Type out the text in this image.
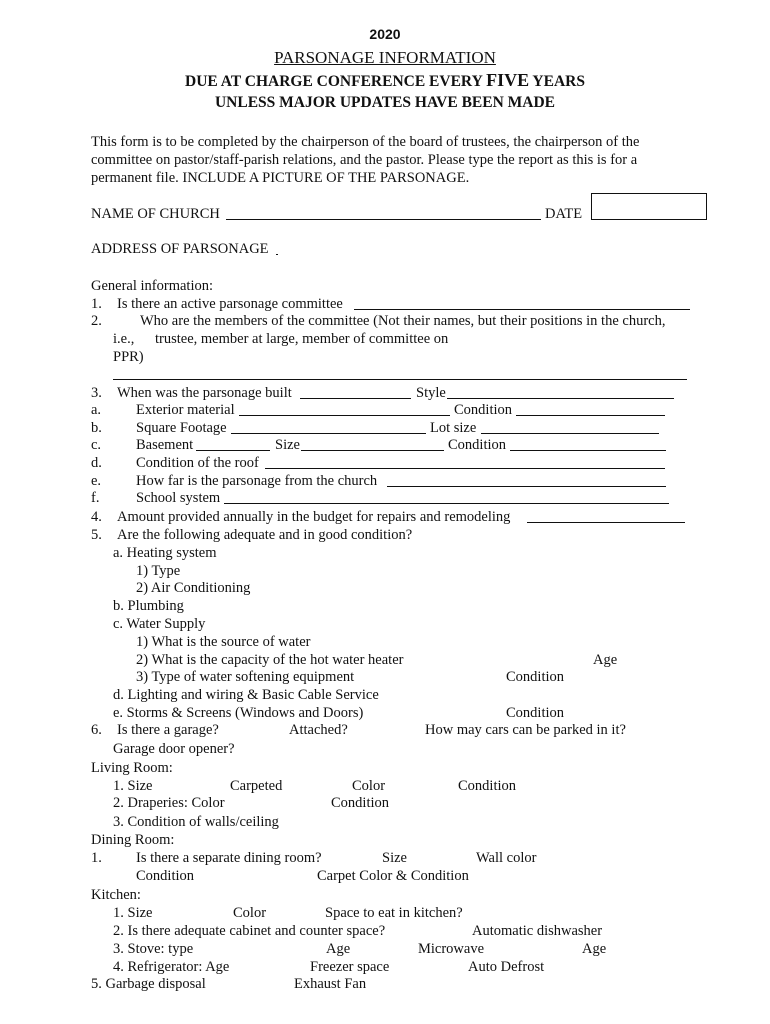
2020
PARSONAGE INFORMATION
DUE AT CHARGE CONFERENCE EVERY FIVE YEARS
UNLESS MAJOR UPDATES HAVE BEEN MADE
This form is to be completed by the chairperson of the board of trustees, the chairperson of the
committee on pastor/staff-parish relations, and the pastor. Please type the report as this is for a
permanent file. INCLUDE A PICTURE OF THE PARSONAGE.
NAME OF CHURCH	DATE
ADDRESS OF PARSONAGE
General information:
1. Is there an active parsonage committee
2.	Who are the members of the committee (Not their names, but their positions in the church,
i.e., trustee, member at large, member of committee on
PPR)
3. When was the parsonage built	Style
a. Exterior material	Condition
b. Square Footage	Lot size
c. Basement	Size	Condition
d. Condition of the roof
e. How far is the parsonage from the church
f.	School system
4. Amount provided annually in the budget for repairs and remodeling
5. Are the following adequate and in good condition?
a. Heating system
1) Type
2) Air Conditioning
b. Plumbing
c. Water Supply
1) What is the source of water
2) What is the capacity of the hot water heater	Age
3) Type of water softening equipment	Condition
d. Lighting and wiring & Basic Cable Service
e. Storms & Screens (Windows and Doors)	Condition
6. Is there a garage?	Attached?	How may cars can be parked in it?
Garage door opener?
Living Room:
1. Size	Carpeted	Color	Condition
2. Draperies: Color	Condition
3. Condition of walls/ceiling
Dining Room:
1. Is there a separate dining room?	Size	Wall color
Condition	Carpet Color & Condition
Kitchen:
1. Size	Color	Space to eat in kitchen?
2. Is there adequate cabinet and counter space?	Automatic dishwasher
3. Stove: type	Age	Microwave	Age
4. Refrigerator: Age	Freezer space	Auto Defrost
5. Garbage disposal	Exhaust Fan
